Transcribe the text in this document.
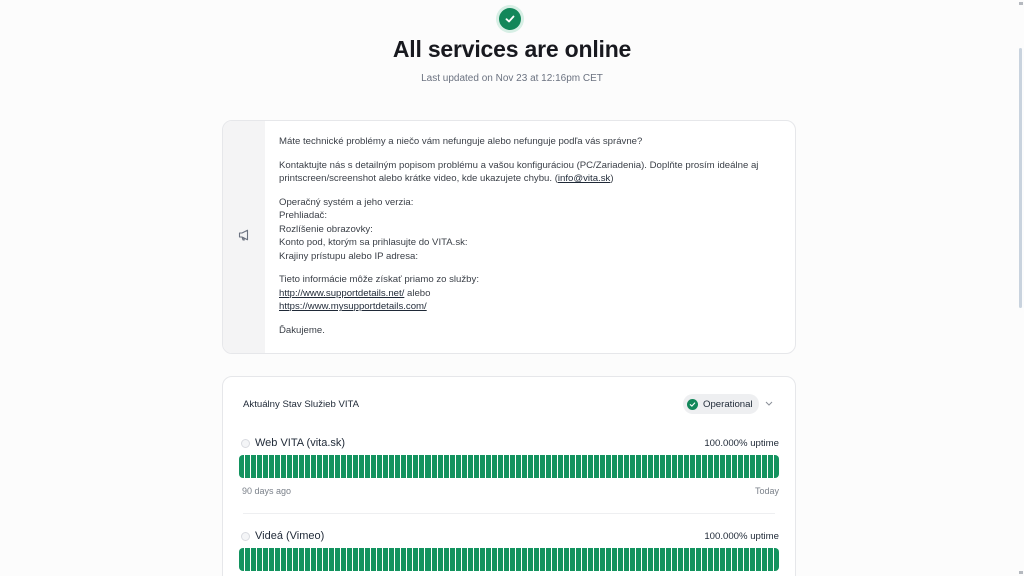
All services are online
Last updated on Nov 23 at 12:16pm CET

Máte technické problémy a niečo vám nefunguje alebo nefunguje podľa vás správne?

Kontaktujte nás s detailným popisom problému a vašou konfiguráciou (PC/Zariadenia). Doplňte prosím ideálne aj printscreen/screenshot alebo krátke video, kde ukazujete chybu. (info@vita.sk)

Operačný systém a jeho verzia:
Prehliadač:
Rozlíšenie obrazovky:
Konto pod, ktorým sa prihlasujte do VITA.sk:
Krajiny prístupu alebo IP adresa:

Tieto informácie môže získať priamo zo služby:
http://www.supportdetails.net/ alebo
https://www.mysupportdetails.com/

Ďakujeme.

Aktuálny Stav Služieb VITA	Operational
Web VITA (vita.sk)	100.000% uptime
90 days ago	Today
Videá (Vimeo)	100.000% uptime
